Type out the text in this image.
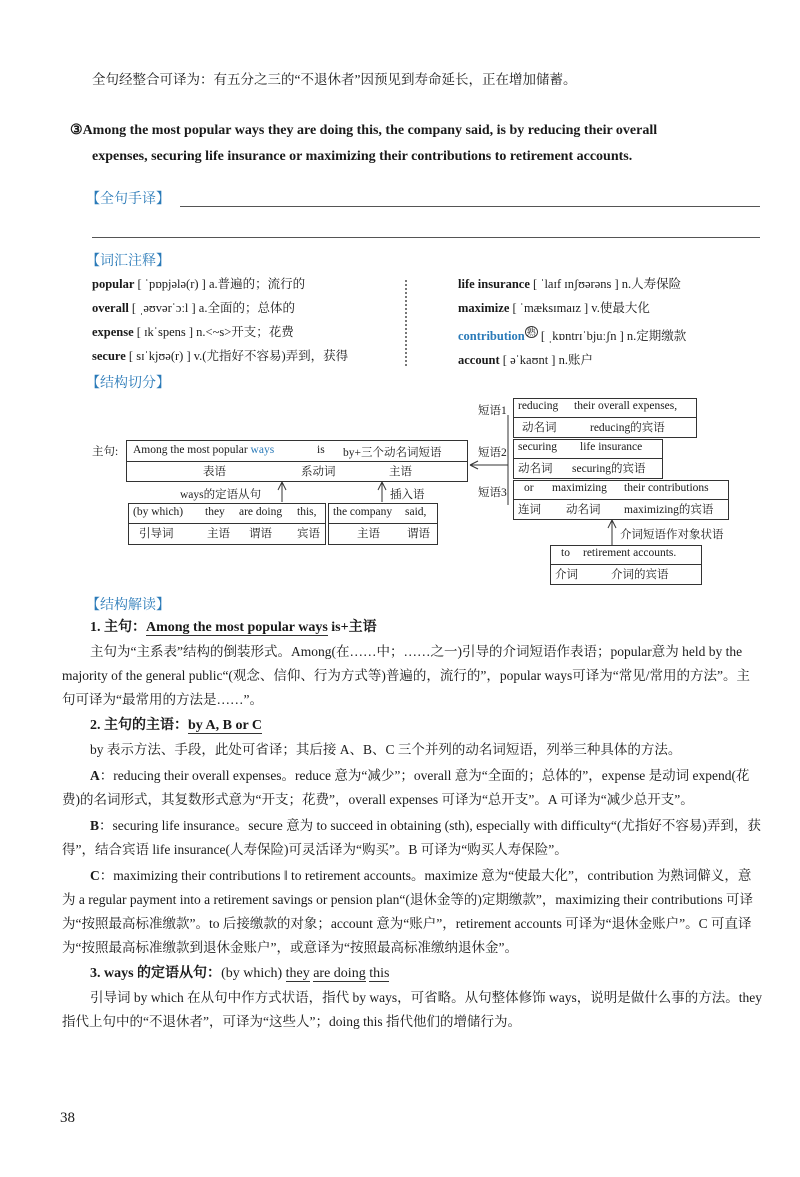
全句经整合可译为：有五分之三的“不退休者”因预见到寿命延长，正在增加储蓄。
③Among the most popular ways they are doing this, the company said, is by reducing their overall
expenses, securing life insurance or maximizing their contributions to retirement accounts.
【全句手译】
【词汇注释】
popular [ ˈpɒpjələ(r) ] a.普遍的；流行的
overall [ ˌəʊvərˈɔːl ] a.全面的；总体的
expense [ ɪkˈspens ] n.<~s>开支；花费
secure [ sɪˈkjʊə(r) ] v.(尤指好不容易)弄到，获得
life insurance [ ˈlaɪf ɪnʃʊərəns ] n.人寿保险
maximize [ ˈmæksɪmaɪz ] v.使最大化
contribution $^熟$ [ ˌkɒntrɪˈbjuːʃn ] n.定期缴款
account [ əˈkaʊnt ] n.账户
【结构切分】
主句: Among the most popular ways	is by+三个动名词短语
表语	系动词	主语
ways的定语从句	插入语
(by which) they are doing this,
引导词	主语 谓语 宾语
the company said,
主语 谓语
短语1 reducing their overall expenses,
动名词	reducing的宾语
短语2 securing life insurance
动名词 securing的宾语
短语3 or maximizing their contributions
连词 动名词 maximizing的宾语
介词短语作对象状语
to retirement accounts.
介词	介词的宾语
【结构解读】
1. 主句：Among the most popular ways is+主语
主句为“主系表”结构的倒装形式。Among(在……中；……之一)引导的介词短语作表语；popular意为 held by the majority of the general public“(观念、信仰、行为方式等)普遍的，流行的”，popular ways可译为“常见/常用的方法”。主句可译为“最常用的方法是……”。
2. 主句的主语：by A, B or C
by 表示方法、手段，此处可省译；其后接 A、B、C 三个并列的动名词短语，列举三种具体的方法。
A：reducing their overall expenses。reduce 意为“减少”；overall 意为“全面的；总体的”，expense 是动词 expend(花费)的名词形式，其复数形式意为“开支；花费”，overall expenses 可译为“总开支”。A 可译为“减少总开支”。
B：securing life insurance。secure 意为 to succeed in obtaining (sth), especially with difficulty“(尤指好不容易)弄到，获得”，结合宾语 life insurance(人寿保险)可灵活译为“购买”。B 可译为“购买人寿保险”。
C：maximizing their contributions ‖ to retirement accounts。maximize 意为“使最大化”，contribution 为熟词僻义，意为 a regular payment into a retirement savings or pension plan“(退休金等的)定期缴款”，maximizing their contributions 可译为“按照最高标准缴款”。to 后接缴款的对象；account 意为“账户”，retirement accounts 可译为“退休金账户”。C 可直译为“按照最高标准缴款到退休金账户”，或意译为“按照最高标准缴纳退休金”。
3. ways 的定语从句：(by which) they are doing this
引导词 by which 在从句中作方式状语，指代 by ways，可省略。从句整体修饰 ways，说明是做什么事的方法。they 指代上句中的“不退休者”，可译为“这些人”；doing this 指代他们的增储行为。
38
